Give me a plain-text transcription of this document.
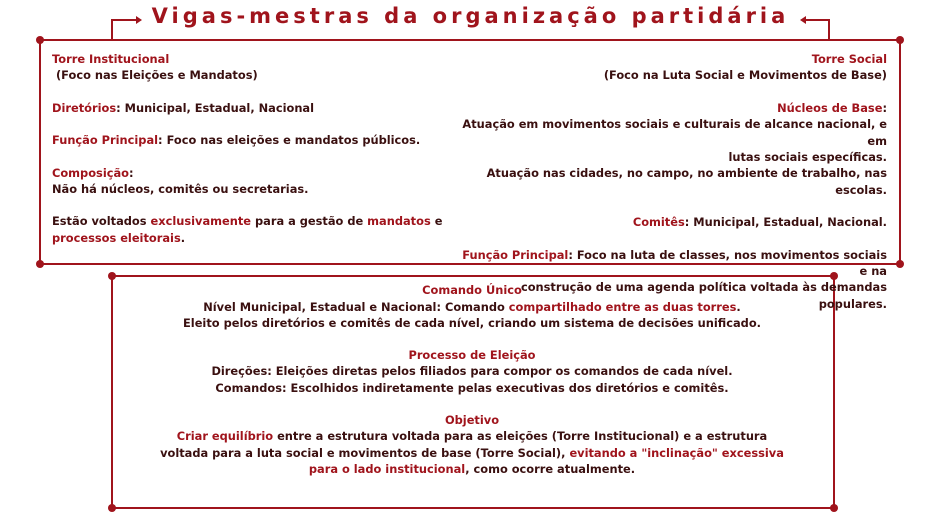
Vigas-mestras da organização partidária
Torre Institucional
(Foco nas Eleições e Mandatos)
Diretórios: Municipal, Estadual, Nacional
Função Principal: Foco nas eleições e mandatos públicos.
Composição:
Não há núcleos, comitês ou secretarias.
Estão voltados exclusivamente para a gestão de mandatos e
processos eleitorais.
Torre Social
(Foco na Luta Social e Movimentos de Base)
Núcleos de Base:
Atuação em movimentos sociais e culturais de alcance nacional, e em
lutas sociais específicas.
Atuação nas cidades, no campo, no ambiente de trabalho, nas escolas.
Comitês: Municipal, Estadual, Nacional.
Função Principal: Foco na luta de classes, nos movimentos sociais e na
construção de uma agenda política voltada às demandas populares.
Comando Único
Nível Municipal, Estadual e Nacional: Comando compartilhado entre as duas torres.
Eleito pelos diretórios e comitês de cada nível, criando um sistema de decisões unificado.
Processo de Eleição
Direções: Eleições diretas pelos filiados para compor os comandos de cada nível.
Comandos: Escolhidos indiretamente pelas executivas dos diretórios e comitês.
Objetivo
Criar equilíbrio entre a estrutura voltada para as eleições (Torre Institucional) e a estrutura
voltada para a luta social e movimentos de base (Torre Social), evitando a "inclinação" excessiva
para o lado institucional, como ocorre atualmente.
